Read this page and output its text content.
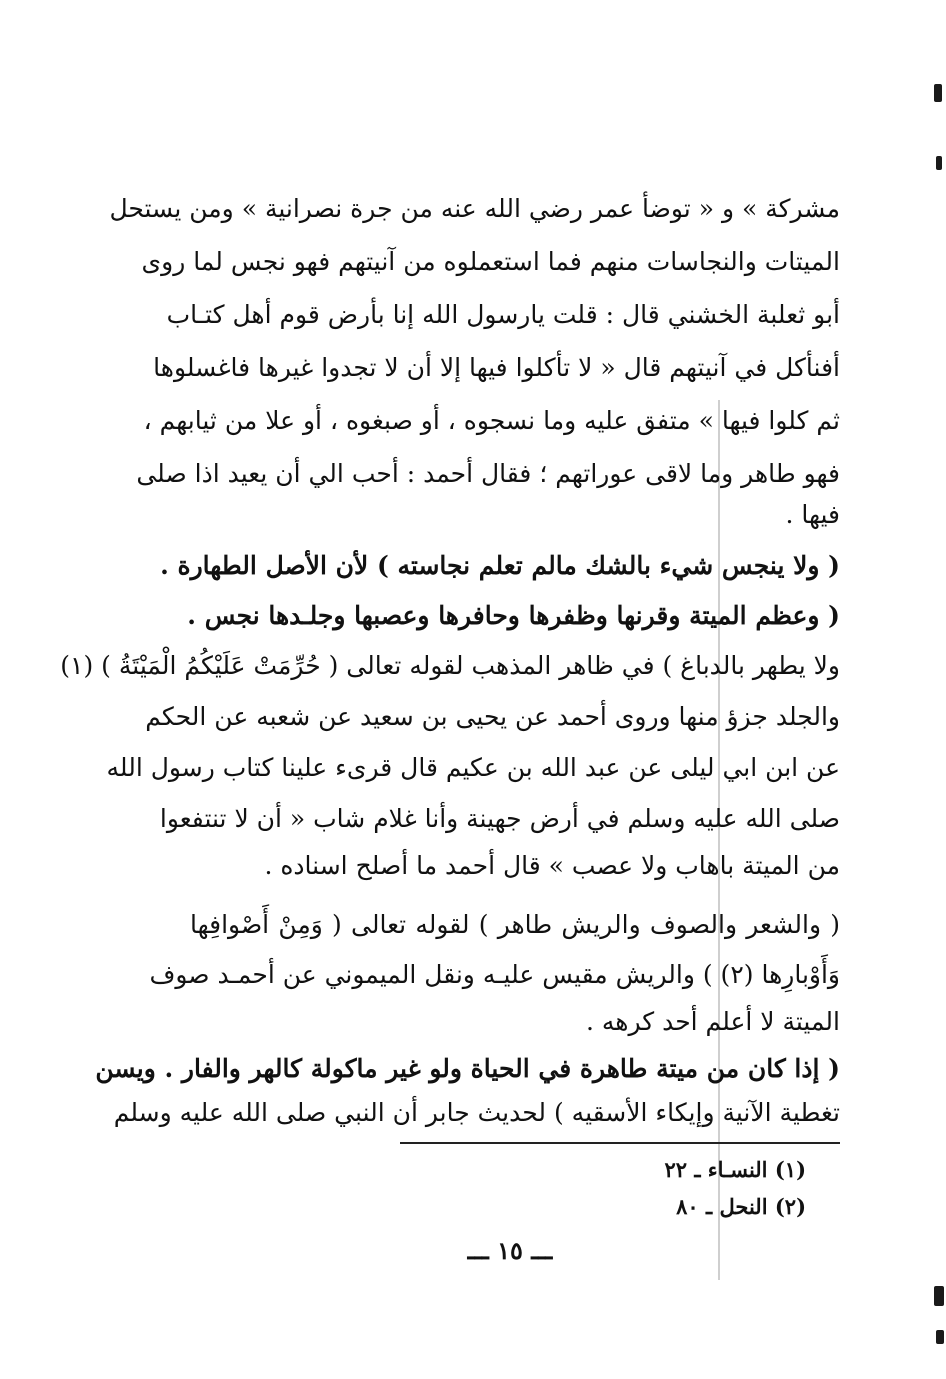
مشركة » و « توضأ عمر رضي الله عنه من جرة نصرانية » ومن يستحل
الميتات والنجاسات منهم فما استعملوه من آنيتهم فهو نجس لما روى
أبو ثعلبة الخشني قال : قلت يارسول الله إنا بأرض قوم أهل كتـاب
أفنأكل في آنيتهم قال « لا تأكلوا فيها إلا أن لا تجدوا غيرها فاغسلوها
ثم كلوا فيها » متفق عليه وما نسجوه ، أو صبغوه ، أو علا من ثيابهم ،
فهو طاهر وما لاقى عوراتهم ؛ فقال أحمد : أحب الي أن يعيد اذا صلى
فيها .
( ولا ينجس شيء بالشك مالم تعلم نجاسته ) لأن الأصل الطهارة .
( وعظم الميتة وقرنها وظفرها وحافرها وعصبها وجلـدها نجس .
ولا يطهر بالدباغ ) في ظاهر المذهب لقوله تعالى ( حُرِّمَتْ عَلَيْكُمُ الْمَيْتَةُ ) (١)
والجلد جزؤ منها وروى أحمد عن يحيى بن سعيد عن شعبه عن الحكم
عن ابن ابي ليلى عن عبد الله بن عكيم قال قرىء علينا كتاب رسول الله
صلى الله عليه وسلم في أرض جهينة وأنا غلام شاب « أن لا تنتفعوا
من الميتة باهاب ولا عصب » قال أحمد ما أصلح اسناده .
( والشعر والصوف والريش طاهر ) لقوله تعالى ( وَمِنْ أَصْوافِها
وَأَوْبارِها (٢) ) والريش مقيس عليـه ونقل الميموني عن أحمـد صوف
الميتة لا أعلم أحد كرهه .
( إذا كان من ميتة طاهرة في الحياة ولو غير ماكولة كالهر والفار . ويسن
تغطية الآنية وإيكاء الأسقيه ) لحديث جابر أن النبي صلى الله عليه وسلم
(١) النسـاء ـ ٢٢
(٢) النحل ـ ٨٠
ـــ ١٥ ـــ
